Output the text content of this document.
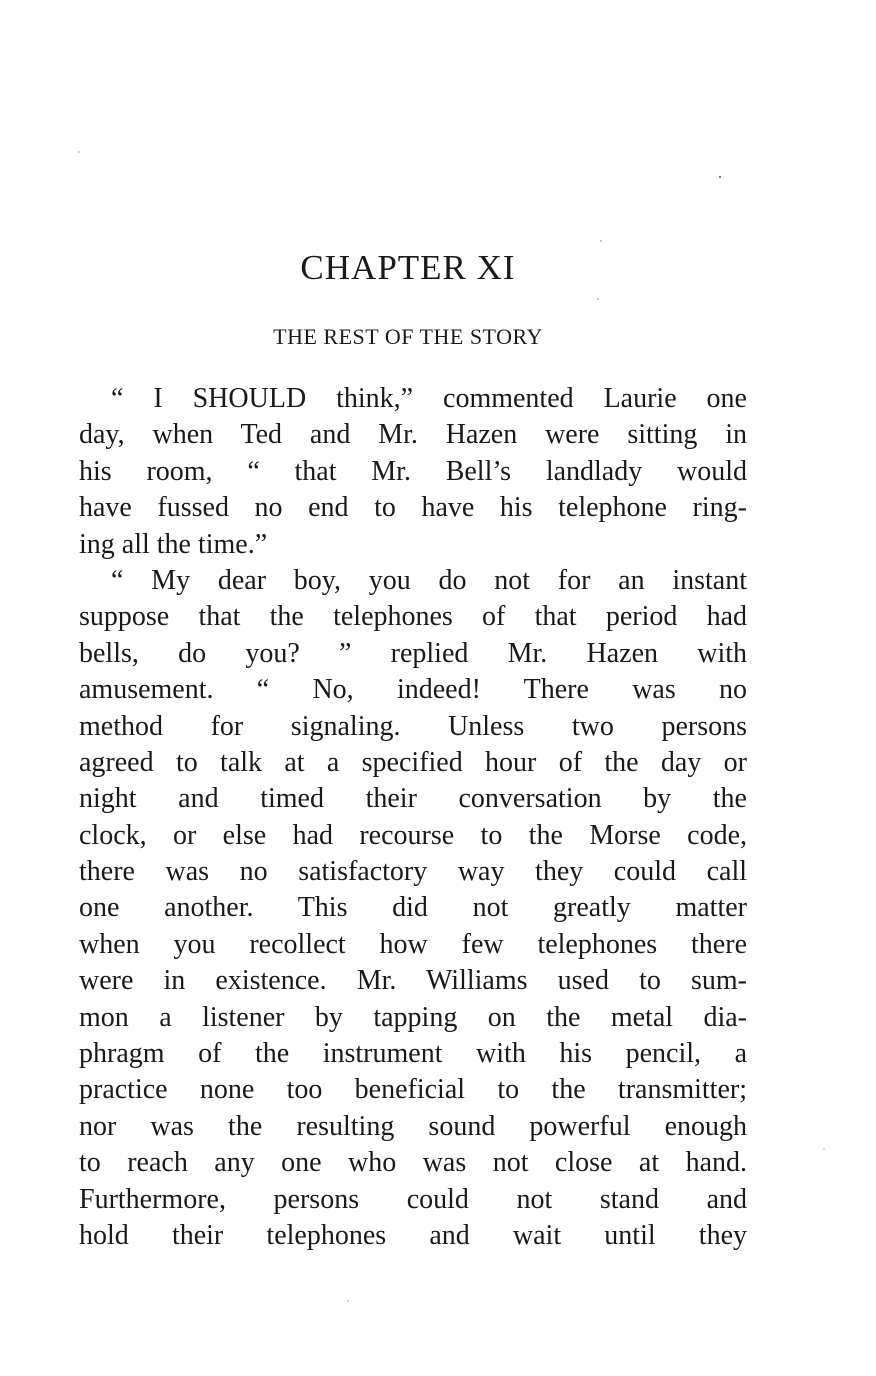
CHAPTER XI
THE REST OF THE STORY
“ I SHOULD think,” commented Laurie one
day, when Ted and Mr. Hazen were sitting in
his room, “ that Mr. Bell’s landlady would
have fussed no end to have his telephone ring-
ing all the time.”
“ My dear boy, you do not for an instant
suppose that the telephones of that period had
bells, do you? ” replied Mr. Hazen with
amusement. “ No, indeed! There was no
method for signaling. Unless two persons
agreed to talk at a specified hour of the day or
night and timed their conversation by the
clock, or else had recourse to the Morse code,
there was no satisfactory way they could call
one another. This did not greatly matter
when you recollect how few telephones there
were in existence. Mr. Williams used to sum-
mon a listener by tapping on the metal dia-
phragm of the instrument with his pencil, a
practice none too beneficial to the transmitter;
nor was the resulting sound powerful enough
to reach any one who was not close at hand.
Furthermore, persons could not stand and
hold their telephones and wait until they
